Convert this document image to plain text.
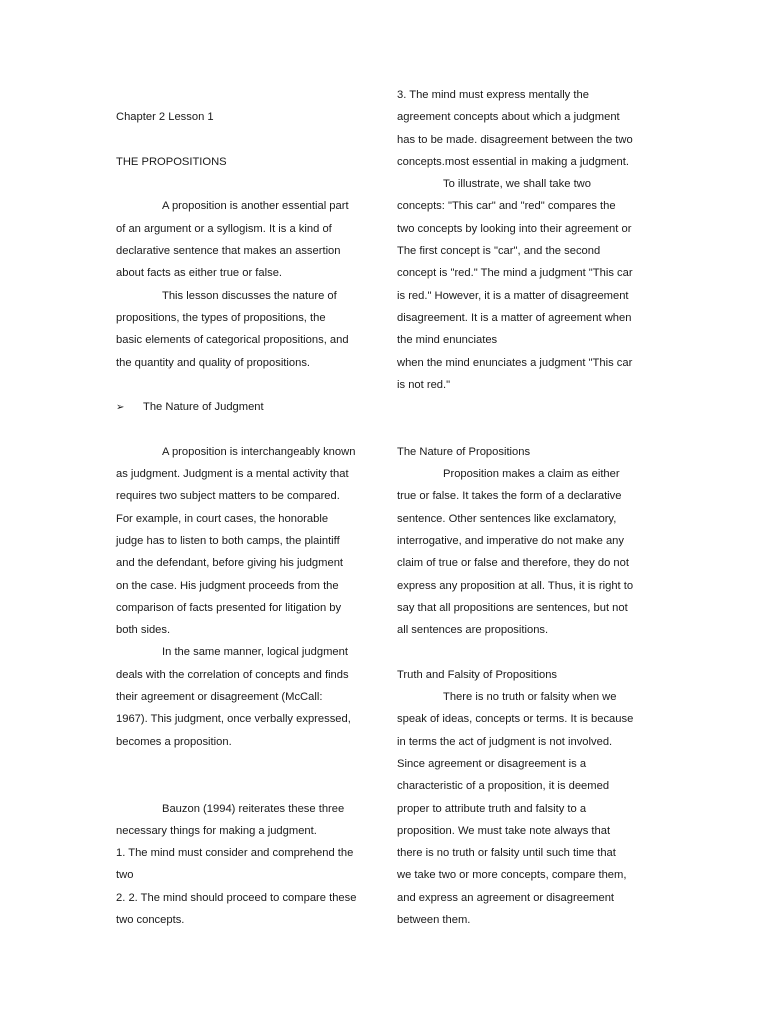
Chapter 2 Lesson 1
THE PROPOSITIONS
A proposition is another essential part
of an argument or a syllogism. It is a kind of
declarative sentence that makes an assertion
about facts as either true or false.
This lesson discusses the nature of
propositions, the types of propositions, the
basic elements of categorical propositions, and
the quantity and quality of propositions.
➢ The Nature of Judgment
A proposition is interchangeably known
as judgment. Judgment is a mental activity that
requires two subject matters to be compared.
For example, in court cases, the honorable
judge has to listen to both camps, the plaintiff
and the defendant, before giving his judgment
on the case. His judgment proceeds from the
comparison of facts presented for litigation by
both sides.
In the same manner, logical judgment
deals with the correlation of concepts and finds
their agreement or disagreement (McCall:
1967). This judgment, once verbally expressed,
becomes a proposition.
Bauzon (1994) reiterates these three
necessary things for making a judgment.
1. The mind must consider and comprehend the
two
2. 2. The mind should proceed to compare these
two concepts.
3. The mind must express mentally the
agreement concepts about which a judgment
has to be made. disagreement between the two
concepts.most essential in making a judgment.
To illustrate, we shall take two
concepts: "This car" and "red" compares the
two concepts by looking into their agreement or
The first concept is "car", and the second
concept is "red." The mind a judgment "This car
is red." However, it is a matter of disagreement
disagreement. It is a matter of agreement when
the mind enunciates
when the mind enunciates a judgment "This car
is not red."
The Nature of Propositions
Proposition makes a claim as either
true or false. It takes the form of a declarative
sentence. Other sentences like exclamatory,
interrogative, and imperative do not make any
claim of true or false and therefore, they do not
express any proposition at all. Thus, it is right to
say that all propositions are sentences, but not
all sentences are propositions.
Truth and Falsity of Propositions
There is no truth or falsity when we
speak of ideas, concepts or terms. It is because
in terms the act of judgment is not involved.
Since agreement or disagreement is a
characteristic of a proposition, it is deemed
proper to attribute truth and falsity to a
proposition. We must take note always that
there is no truth or falsity until such time that
we take two or more concepts, compare them,
and express an agreement or disagreement
between them.
